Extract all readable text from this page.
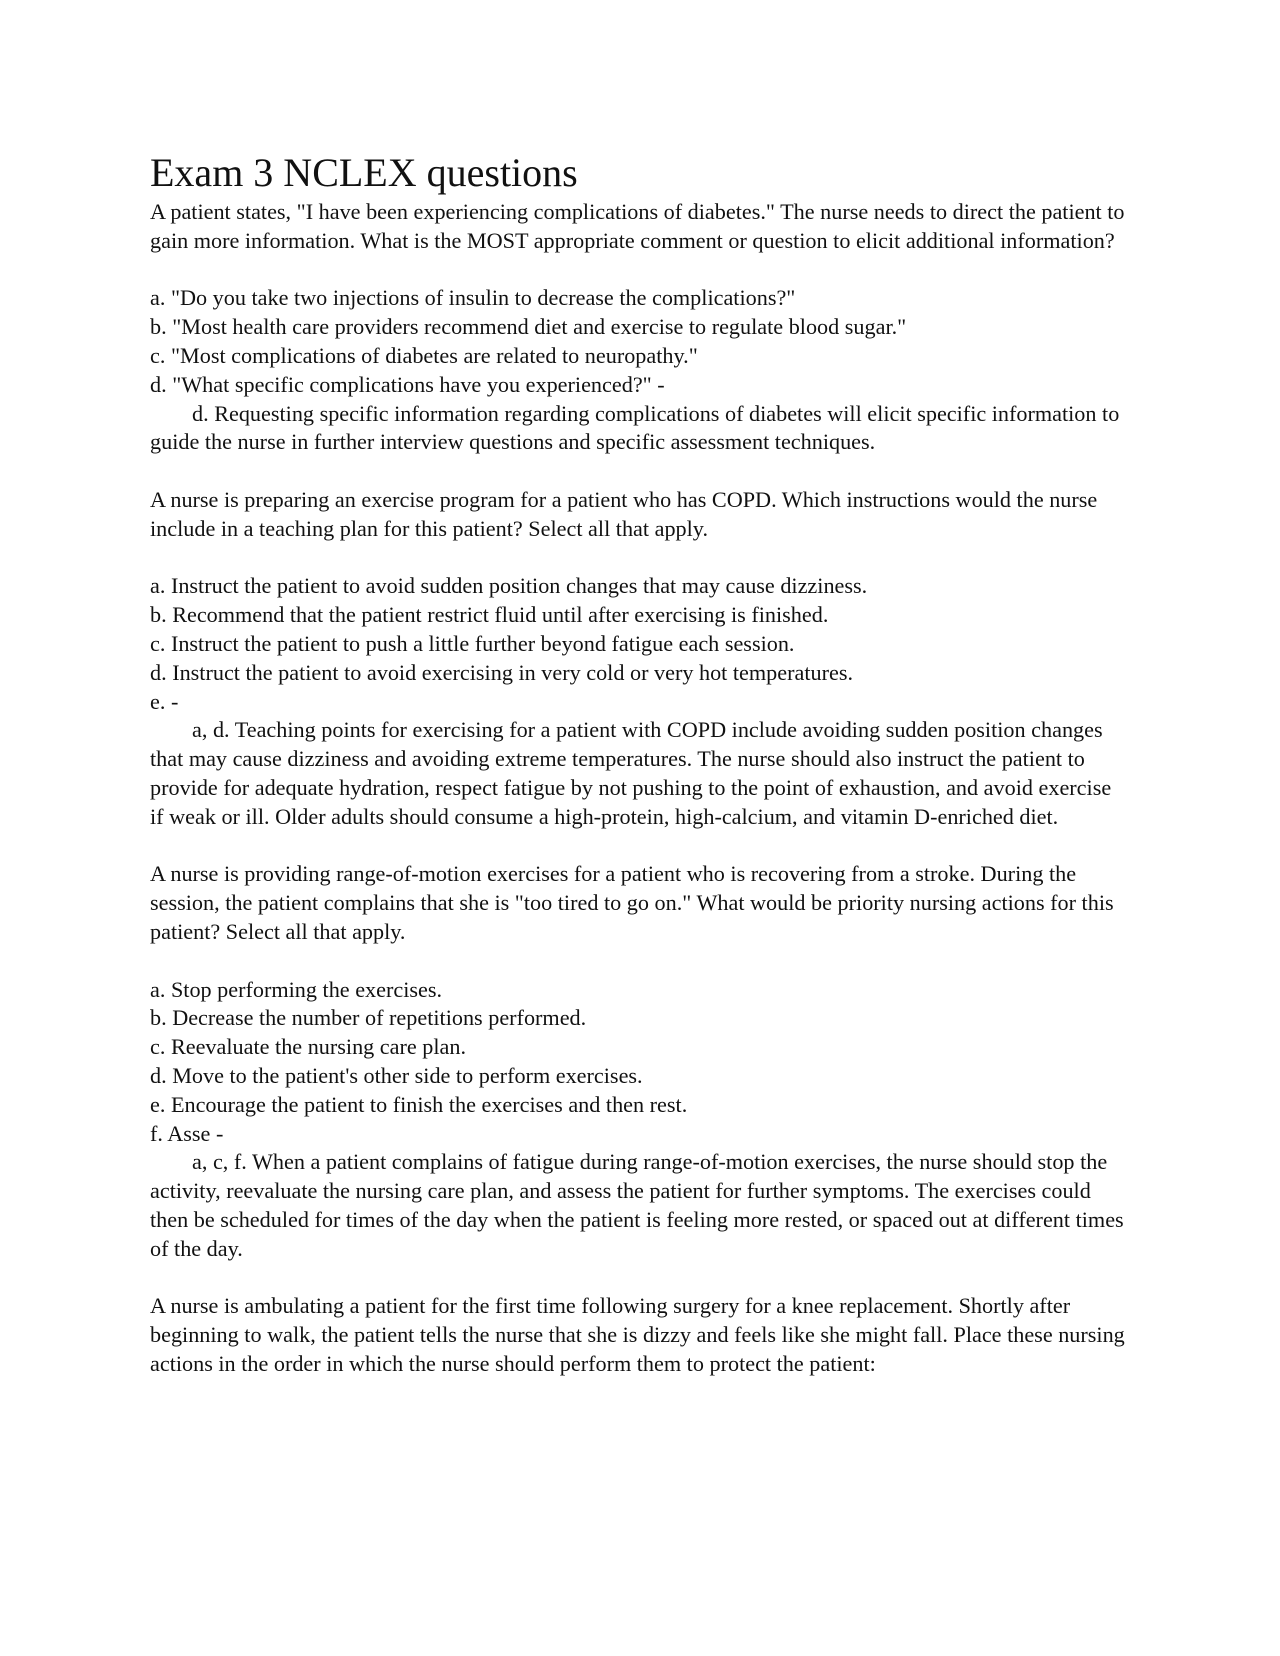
Exam 3 NCLEX questions

A patient states, "I have been experiencing complications of diabetes." The nurse needs to direct the patient to gain more information. What is the MOST appropriate comment or question to elicit additional information?

a. "Do you take two injections of insulin to decrease the complications?"

b. "Most health care providers recommend diet and exercise to regulate blood sugar."

c. "Most complications of diabetes are related to neuropathy."

d. "What specific complications have you experienced?" -

d. Requesting specific information regarding complications of diabetes will elicit specific information to guide the nurse in further interview questions and specific assessment techniques.

A nurse is preparing an exercise program for a patient who has COPD. Which instructions would the nurse include in a teaching plan for this patient? Select all that apply.

a. Instruct the patient to avoid sudden position changes that may cause dizziness.

b. Recommend that the patient restrict fluid until after exercising is finished.

c. Instruct the patient to push a little further beyond fatigue each session.

d. Instruct the patient to avoid exercising in very cold or very hot temperatures.

e. -

a, d. Teaching points for exercising for a patient with COPD include avoiding sudden position changes that may cause dizziness and avoiding extreme temperatures. The nurse should also instruct the patient to provide for adequate hydration, respect fatigue by not pushing to the point of exhaustion, and avoid exercise if weak or ill. Older adults should consume a high-protein, high-calcium, and vitamin D-enriched diet.

A nurse is providing range-of-motion exercises for a patient who is recovering from a stroke. During the session, the patient complains that she is "too tired to go on." What would be priority nursing actions for this patient? Select all that apply.

a. Stop performing the exercises.

b. Decrease the number of repetitions performed.

c. Reevaluate the nursing care plan.

d. Move to the patient's other side to perform exercises.

e. Encourage the patient to finish the exercises and then rest.

f. Asse -

a, c, f. When a patient complains of fatigue during range-of-motion exercises, the nurse should stop the activity, reevaluate the nursing care plan, and assess the patient for further symptoms. The exercises could then be scheduled for times of the day when the patient is feeling more rested, or spaced out at different times of the day.

A nurse is ambulating a patient for the first time following surgery for a knee replacement. Shortly after beginning to walk, the patient tells the nurse that she is dizzy and feels like she might fall. Place these nursing actions in the order in which the nurse should perform them to protect the patient:
